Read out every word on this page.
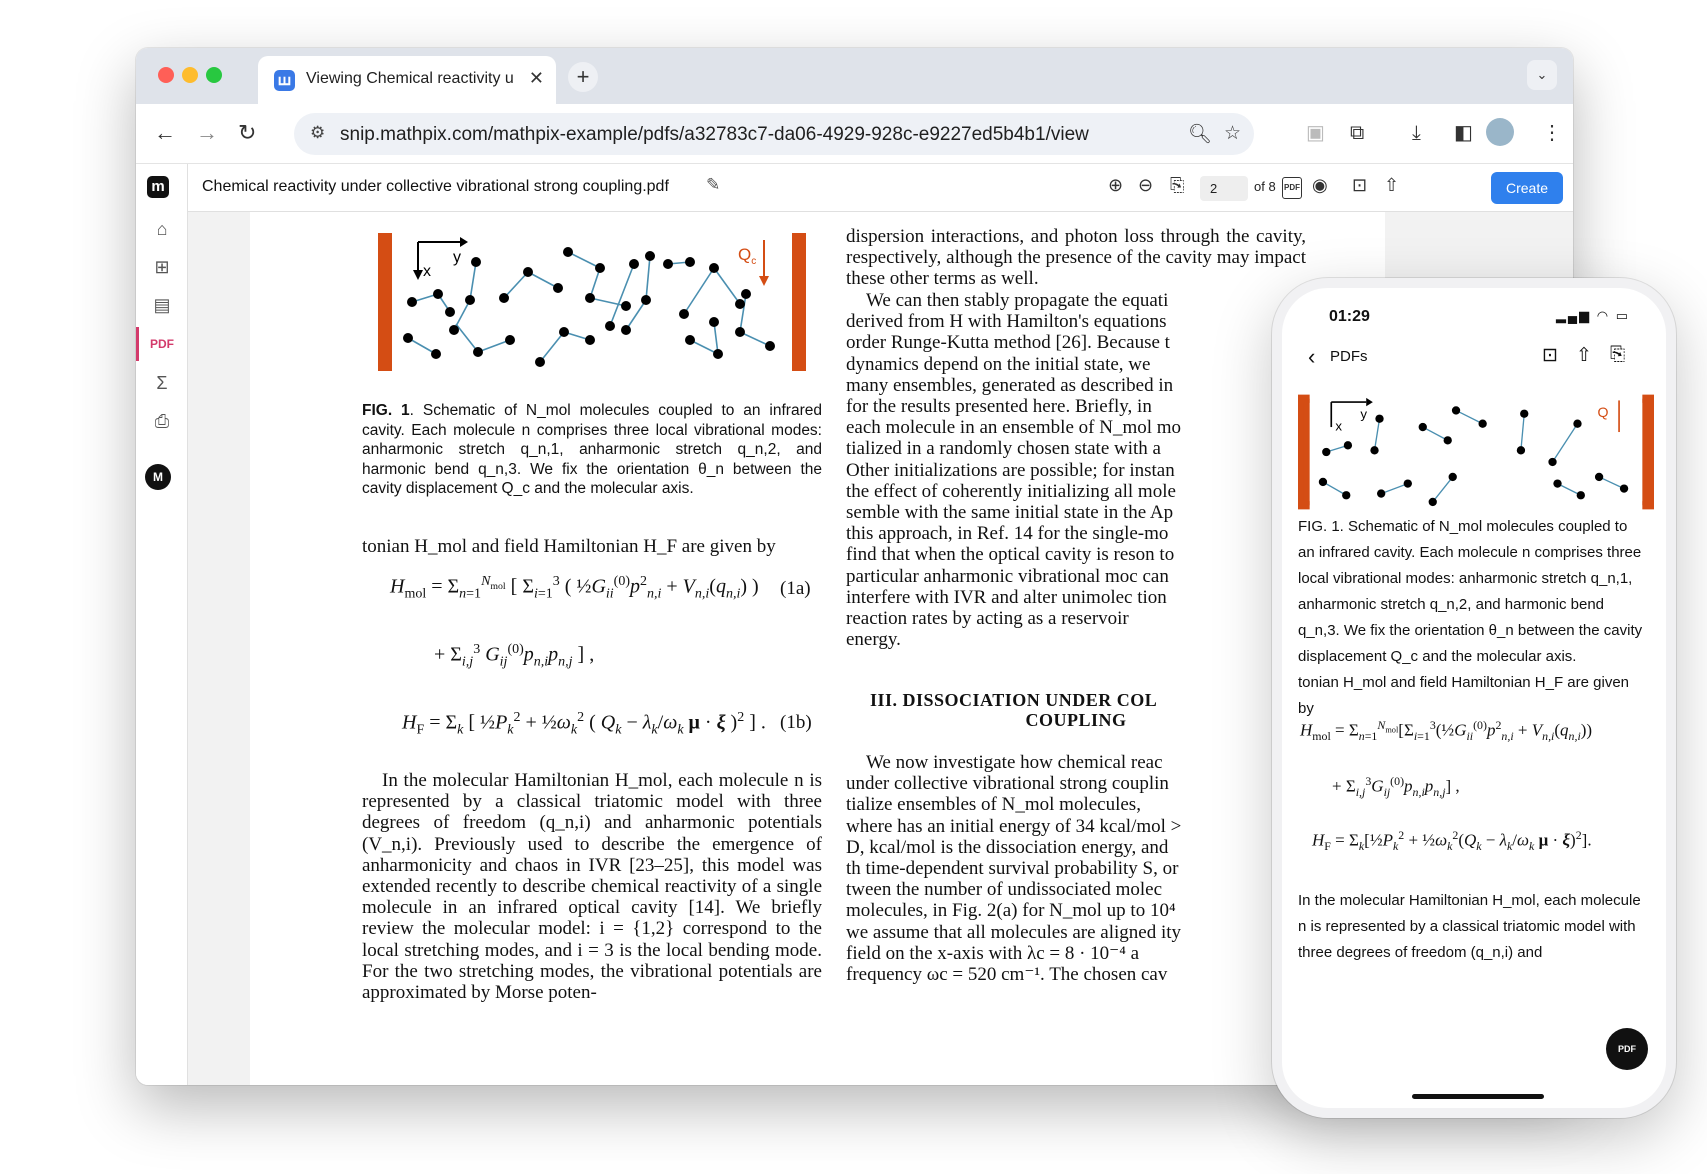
ꟺ Viewing Chemical reactivity u ✕	+	⌄
← → ↻	⚙ snip.mathpix.com/mathpix-example/pdfs/a32783c7-da06-4929-928c-e9227ed5b4b1/view	🔍︎ ☆	▣ ⧉ ⤓ ◧	⋮
m
⌂
⊞
▤
PDF
Σ
⎙
M
Chemical reactivity under collective vibrational strong coupling.pdf ✎	⊕ ⊖ ⎘
2	of 8 PDF ◉ ⊡ ⇧	Create
x
y	$Q_c$
FIG. 1. Schematic of N_mol molecules coupled to an infrared cavity. Each molecule n comprises three local vibrational modes: anharmonic stretch q_n,1, anharmonic stretch q_n,2, and harmonic bend q_n,3. We fix the orientation θ_n between the cavity displacement Q_c and the molecular axis.
tonian H_mol and field Hamiltonian H_F are given by
$H_{mol} = \Sigma_{n=1}^{N_{mol}}$ [ $\Sigma_{i=1}^3$ ( $\frac{1}{2}G_{ii}^{(0)}p^2_{n,i} + V_{n,i}(q_{n,i})$ ) (1a)
+ $\Sigma_{i,j}^3$ $G_{ij}^{(0)}p_{n,i}p_{n,j}$ ] ,
$H_F = \Sigma_k$ [ $\frac{1}{2}P_k^2$ + $\frac{1}{2}\omega_k^2$ ( $Q_k - \lambda_k/\omega_k$ μ · ξ )$^2$ ] . (1b)
In the molecular Hamiltonian H_mol, each molecule n is represented by a classical triatomic model with three degrees of freedom (q_n,i) and anharmonic potentials (V_n,i). Previously used to describe the emergence of anharmonicity and chaos in IVR [23–25], this model was extended recently to describe chemical reactivity of a single molecule in an infrared optical cavity [14]. We briefly review the molecular model: i = {1,2} correspond to the local stretching modes, and i = 3 is the local bending mode. For the two stretching modes, the vibrational potentials are approximated by Morse poten-
dispersion interactions, and photon loss through the cavity, respectively, although the presence of the cavity may impact these other terms as well.
We can then stably propagate the equati derived from H with Hamilton's equations order Runge-Kutta method [26]. Because t dynamics depend on the initial state, we many ensembles, generated as described in for the results presented here. Briefly, in each molecule in an ensemble of N_mol mo tialized in a randomly chosen state with a Other initializations are possible; for instan the effect of coherently initializing all mole semble with the same initial state in the Ap this approach, in Ref. 14 for the single-mo find that when the optical cavity is reson to particular anharmonic vibrational moc can interfere with IVR and alter unimolec tion reaction rates by acting as a reservoir energy.
III. DISSOCIATION UNDER COL
COUPLING
We now investigate how chemical reac under collective vibrational strong couplin tialize ensembles of N_mol molecules, where has an initial energy of 34 kcal/mol > D, kcal/mol is the dissociation energy, and th time-dependent survival probability S, or tween the number of undissociated molec molecules, in Fig. 2(a) for N_mol up to 10⁴ we assume that all molecules are aligned ity field on the x-axis with λc = 8 · 10⁻⁴ a frequency ωc = 520 cm⁻¹. The chosen cav
01:29	▂▄▆ ◠ ▭
‹ PDFs	⊡ ⇧ ⎘
x
y	Q
FIG. 1. Schematic of N_mol molecules coupled to an infrared cavity. Each molecule n comprises three local vibrational modes: anharmonic stretch q_n,1, anharmonic stretch q_n,2, and harmonic bend q_n,3. We fix the orientation θ_n between the cavity displacement Q_c and the molecular axis.
tonian H_mol and field Hamiltonian H_F are given by
$H_{mol}$ = $\Sigma_{n=1}^{N_{mol}}[\Sigma_{i=1}^3(\frac{1}{2}G_{ii}^{(0)}p^2_{n,i} + V_{n,i}(q_{n,i}))$
+ $\Sigma_{i,j}^3G_{ij}^{(0)}p_{n,i}p_{n,j}$] ,
$H_F$ = $\Sigma_k[\frac{1}{2}P_k^2$ + $\frac{1}{2}\omega_k^2(Q_k - \lambda_k/\omega_k$ μ · ξ)$^2$].
In the molecular Hamiltonian H_mol, each molecule n is represented by a classical triatomic model with three degrees of freedom (q_n,i) and
PDF
